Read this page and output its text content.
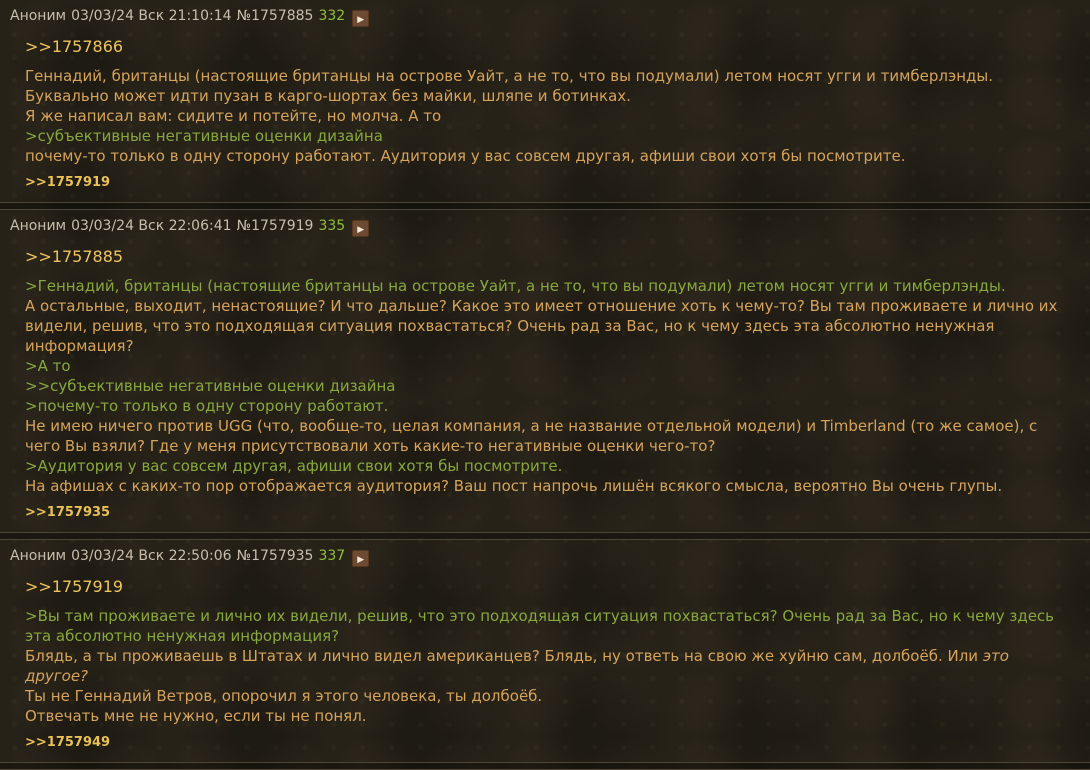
Аноним 03/03/24 Вск 21:10:14 №1757885 332 ▶
>>1757866
Геннадий, британцы (настоящие британцы на острове Уайт, а не то, что вы подумали) летом носят угги и тимберлэнды. Буквально может идти пузан в карго-шортах без майки, шляпе и ботинках.
Я же написал вам: сидите и потейте, но молча. А то
>субъективные негативные оценки дизайна
почему-то только в одну сторону работают. Аудитория у вас совсем другая, афиши свои хотя бы посмотрите.
>>1757919
Аноним 03/03/24 Вск 22:06:41 №1757919 335 ▶
>>1757885
>Геннадий, британцы (настоящие британцы на острове Уайт, а не то, что вы подумали) летом носят угги и тимберлэнды.
А остальные, выходит, ненастоящие? И что дальше? Какое это имеет отношение хоть к чему-то? Вы там проживаете и лично их видели, решив, что это подходящая ситуация похвастаться? Очень рад за Вас, но к чему здесь эта абсолютно ненужная информация?
>А то
>>субъективные негативные оценки дизайна
>почему-то только в одну сторону работают.
Не имею ничего против UGG (что, вообще-то, целая компания, а не название отдельной модели) и Timberland (то же самое), с чего Вы взяли? Где у меня присутствовали хоть какие-то негативные оценки чего-то?
>Аудитория у вас совсем другая, афиши свои хотя бы посмотрите.
На афишах с каких-то пор отображается аудитория? Ваш пост напрочь лишён всякого смысла, вероятно Вы очень глупы.
>>1757935
Аноним 03/03/24 Вск 22:50:06 №1757935 337 ▶
>>1757919
>Вы там проживаете и лично их видели, решив, что это подходящая ситуация похвастаться? Очень рад за Вас, но к чему здесь эта абсолютно ненужная информация?
Блядь, а ты проживаешь в Штатах и лично видел американцев? Блядь, ну ответь на свою же хуйню сам, долбоёб. Или это другое?
Ты не Геннадий Ветров, опорочил я этого человека, ты долбоёб.
Отвечать мне не нужно, если ты не понял.
>>1757949
